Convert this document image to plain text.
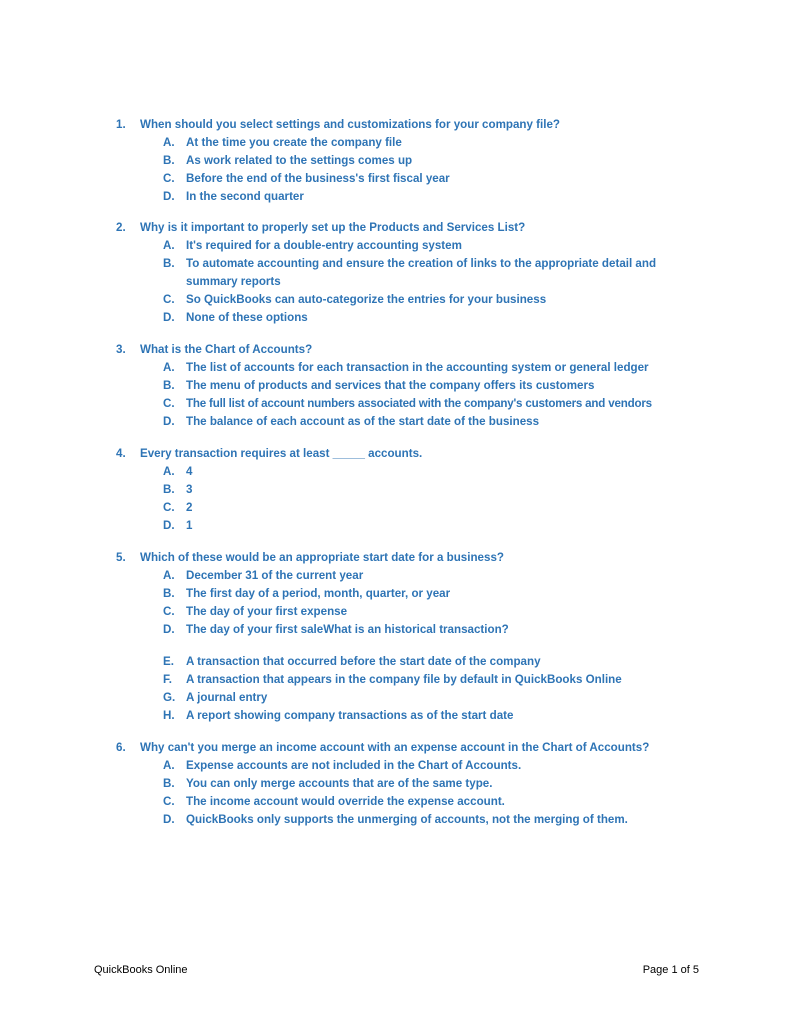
1.	When should you select settings and customizations for your company file?
A. At the time you create the company file
B. As work related to the settings comes up
C. Before the end of the business's first fiscal year
D. In the second quarter
2.	Why is it important to properly set up the Products and Services List?
A. It's required for a double-entry accounting system
B. To automate accounting and ensure the creation of links to the appropriate detail and summary reports
C. So QuickBooks can auto-categorize the entries for your business
D. None of these options
3.	What is the Chart of Accounts?
A. The list of accounts for each transaction in the accounting system or general ledger
B. The menu of products and services that the company offers its customers
C. The full list of account numbers associated with the company's customers and vendors
D. The balance of each account as of the start date of the business
4.	Every transaction requires at least _____ accounts.
A. 4
B. 3
C. 2
D. 1
5.	Which of these would be an appropriate start date for a business?
A. December 31 of the current year
B. The first day of a period, month, quarter, or year
C. The day of your first expense
D. The day of your first saleWhat is an historical transaction?
E.	A transaction that occurred before the start date of the company
F.	A transaction that appears in the company file by default in QuickBooks Online
G. A journal entry
H. A report showing company transactions as of the start date
6.	Why can't you merge an income account with an expense account in the Chart of Accounts?
A. Expense accounts are not included in the Chart of Accounts.
B. You can only merge accounts that are of the same type.
C. The income account would override the expense account.
D. QuickBooks only supports the unmerging of accounts, not the merging of them.
QuickBooks Online	Page 1 of 5
